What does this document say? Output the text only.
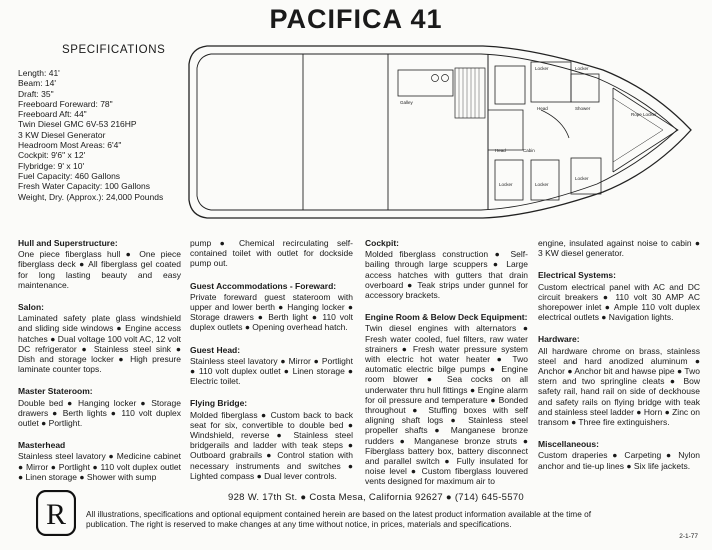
PACIFICA 41
SPECIFICATIONS
Length: 41'
Beam: 14'
Draft: 35"
Freeboard Foreward: 78"
Freeboard Aft: 44"
Twin Diesel GMC 6V-53 216HP
3 KW Diesel Generator
Headroom Most Areas: 6'4"
Cockpit: 9'6" x 12'
Flybridge: 9' x 10'
Fuel Capacity: 460 Gallons
Fresh Water Capacity: 100 Gallons
Weight, Dry. (Approx.): 24,000 Pounds
Galley
Locker	Locker
Head	Shower
Rope Locker
Locker	Locker
Locker
Head	Cabin
Hull and Superstructure:
One piece fiberglass hull ● One piece fiberglass deck ● All fiberglass gel coated for long lasting beauty and easy maintenance.
Salon:
Laminated safety plate glass windshield and sliding side windows ● Engine access hatches ● Dual voltage 100 volt AC, 12 volt DC refrigerator ● Stainless steel sink ● Dish and storage locker ● High presure laminate counter tops.
Master Stateroom:
Double bed ● Hanging locker ● Storage drawers ● Berth lights ● 110 volt duplex outlet ● Portlight.
Masterhead
Stainless steel lavatory ● Medicine cabinet ● Mirror ● Portlight ● 110 volt duplex outlet ● Linen storage ● Shower with sump
pump ● Chemical recirculating self-contained toilet with outlet for dockside pump out.
Guest Accommodations - Foreward:
Private foreward guest stateroom with upper and lower berth ● Hanging locker ● Storage drawers ● Berth light ● 110 volt duplex outlets ● Opening overhead hatch.
Guest Head:
Stainless steel lavatory ● Mirror ● Portlight ● 110 volt duplex outlet ● Linen storage ● Electric toilet.
Flying Bridge:
Molded fiberglass ● Custom back to back seat for six, convertible to double bed ● Windshield, reverse ● Stainless steel bridgerails and ladder with teak steps ● Outboard grabrails ● Control station with necessary instruments and switches ● Lighted compass ● Dual lever controls.
Cockpit:
Molded fiberglass construction ● Self-bailing through large scuppers ● Large access hatches with gutters that drain overboard ● Teak strips under gunnel for accessory brackets.
Engine Room & Below Deck Equipment:
Twin diesel engines with alternators ● Fresh water cooled, fuel filters, raw water strainers ● Fresh water pressure system with electric hot water heater ● Two automatic electric bilge pumps ● Engine room blower ● Sea cocks on all underwater thru hull fittings ● Engine alarm for oil pressure and temperature ● Bonded throughout ● Stuffing boxes with self aligning shaft logs ● Stainless steel propeller shafts ● Manganese bronze rudders ● Manganese bronze struts ● Fiberglass battery box, battery disconnect and parallel switch ● Fully insulated for noise level ● Custom fiberglass louvered vents designed for maximum air to
engine, insulated against noise to cabin ● 3 KW diesel generator.
Electrical Systems:
Custom electrical panel with AC and DC circuit breakers ● 110 volt 30 AMP AC shorepower inlet ● Ample 110 volt duplex electrical outlets ● Navigation lights.
Hardware:
All hardware chrome on brass, stainless steel and hard anodized aluminum ● Anchor ● Anchor bit and hawse pipe ● Two stern and two springline cleats ● Bow safety rail, hand rail on side of deckhouse and safety rails on flying bridge with teak and stainless steel ladder ● Horn ● Zinc on transom ● Three fire extinguishers.
Miscellaneous:
Custom draperies ● Carpeting ● Nylon anchor and tie-up lines ● Six life jackets.
R
928 W. 17th St. ● Costa Mesa, California 92627 ● (714) 645-5570
All illustrations, specifications and optional equipment contained herein are based on the latest product information available at the time of publication. The right is reserved to make changes at any time without notice, in prices, materials and specifications.
2-1-77
